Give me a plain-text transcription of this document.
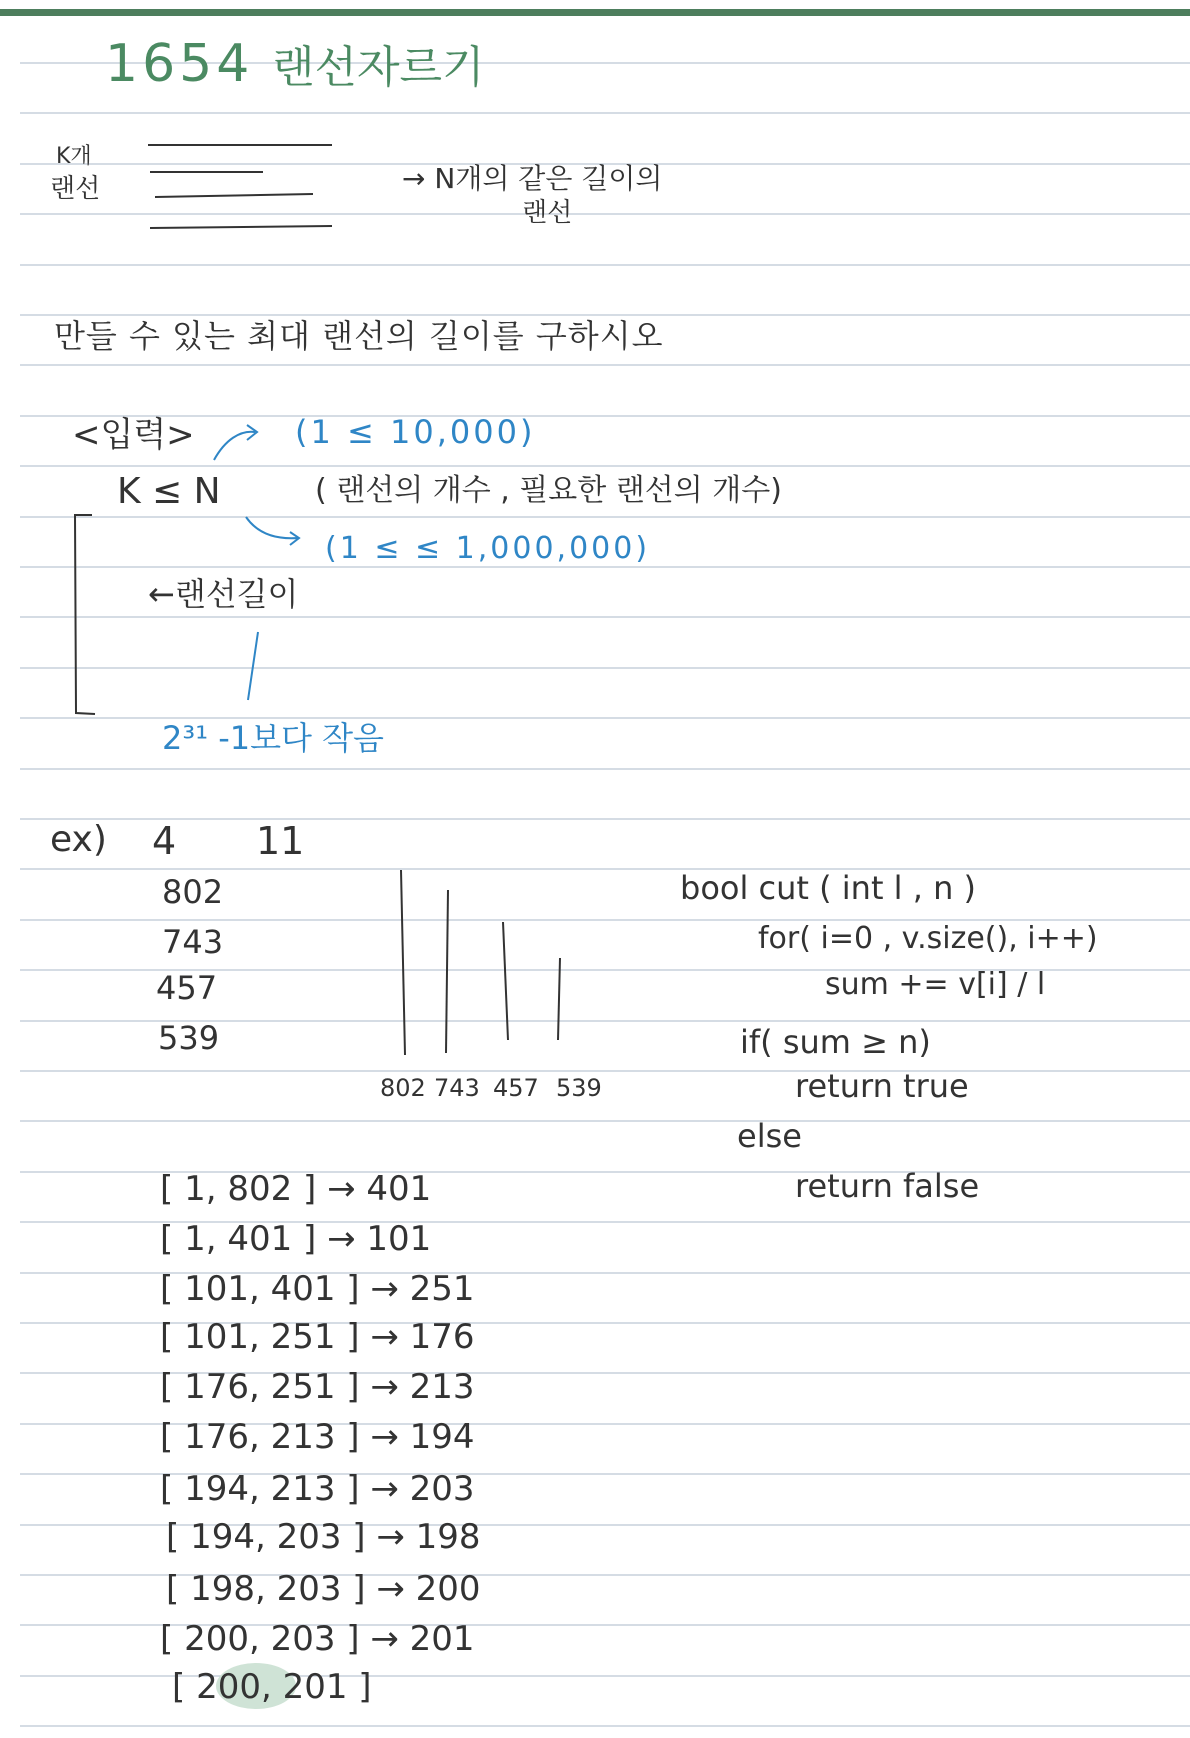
1654 랜선자르기
K개
랜선	→ N개의 같은 길이의
랜선
만들 수 있는 최대 랜선의 길이를 구하시오
<입력>	(1 ≤ 10,000)
K ≤ N	( 랜선의 개수 , 필요한 랜선의 개수)
(1 ≤ ≤ 1,000,000)
←랜선길이
2³¹ -1보다 작음
ex) 4 11
802
743
457
539
802 743 457 539
bool cut ( int l , n )
for( i=0 , v.size(), i++)
sum += v[i] / l
if( sum ≥ n)
return true
else
return false
[ 1, 802 ] → 401
[ 1, 401 ] → 101
[ 101, 401 ] → 251
[ 101, 251 ] → 176
[ 176, 251 ] → 213
[ 176, 213 ] → 194
[ 194, 213 ] → 203
[ 194, 203 ] → 198
[ 198, 203 ] → 200
[ 200, 203 ] → 201
[ 200, 201 ]
